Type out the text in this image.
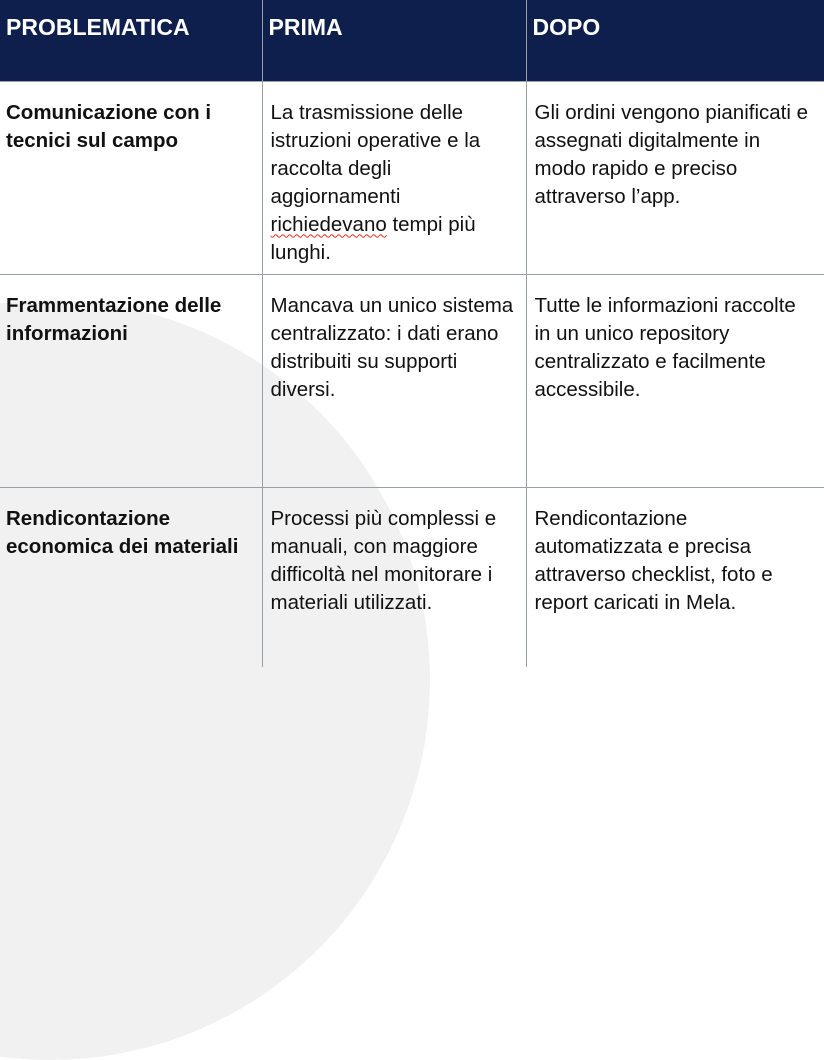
PROBLEMATICA	PRIMA	DOPO
Comunicazione con i tecnici sul campo	La trasmissione delle istruzioni operative e la raccolta degli aggiornamenti richiedevano tempi più lunghi.	Gli ordini vengono pianificati e assegnati digitalmente in modo rapido e preciso attraverso l’app.
Frammentazione delle informazioni	Mancava un unico sistema centralizzato: i dati erano distribuiti su supporti diversi.	Tutte le informazioni raccolte in un unico repository centralizzato e facilmente accessibile.
Rendicontazione economica dei materiali	Processi più complessi e manuali, con maggiore difficoltà nel monitorare i materiali utilizzati.	Rendicontazione automatizzata e precisa attraverso checklist, foto e report caricati in Mela.
